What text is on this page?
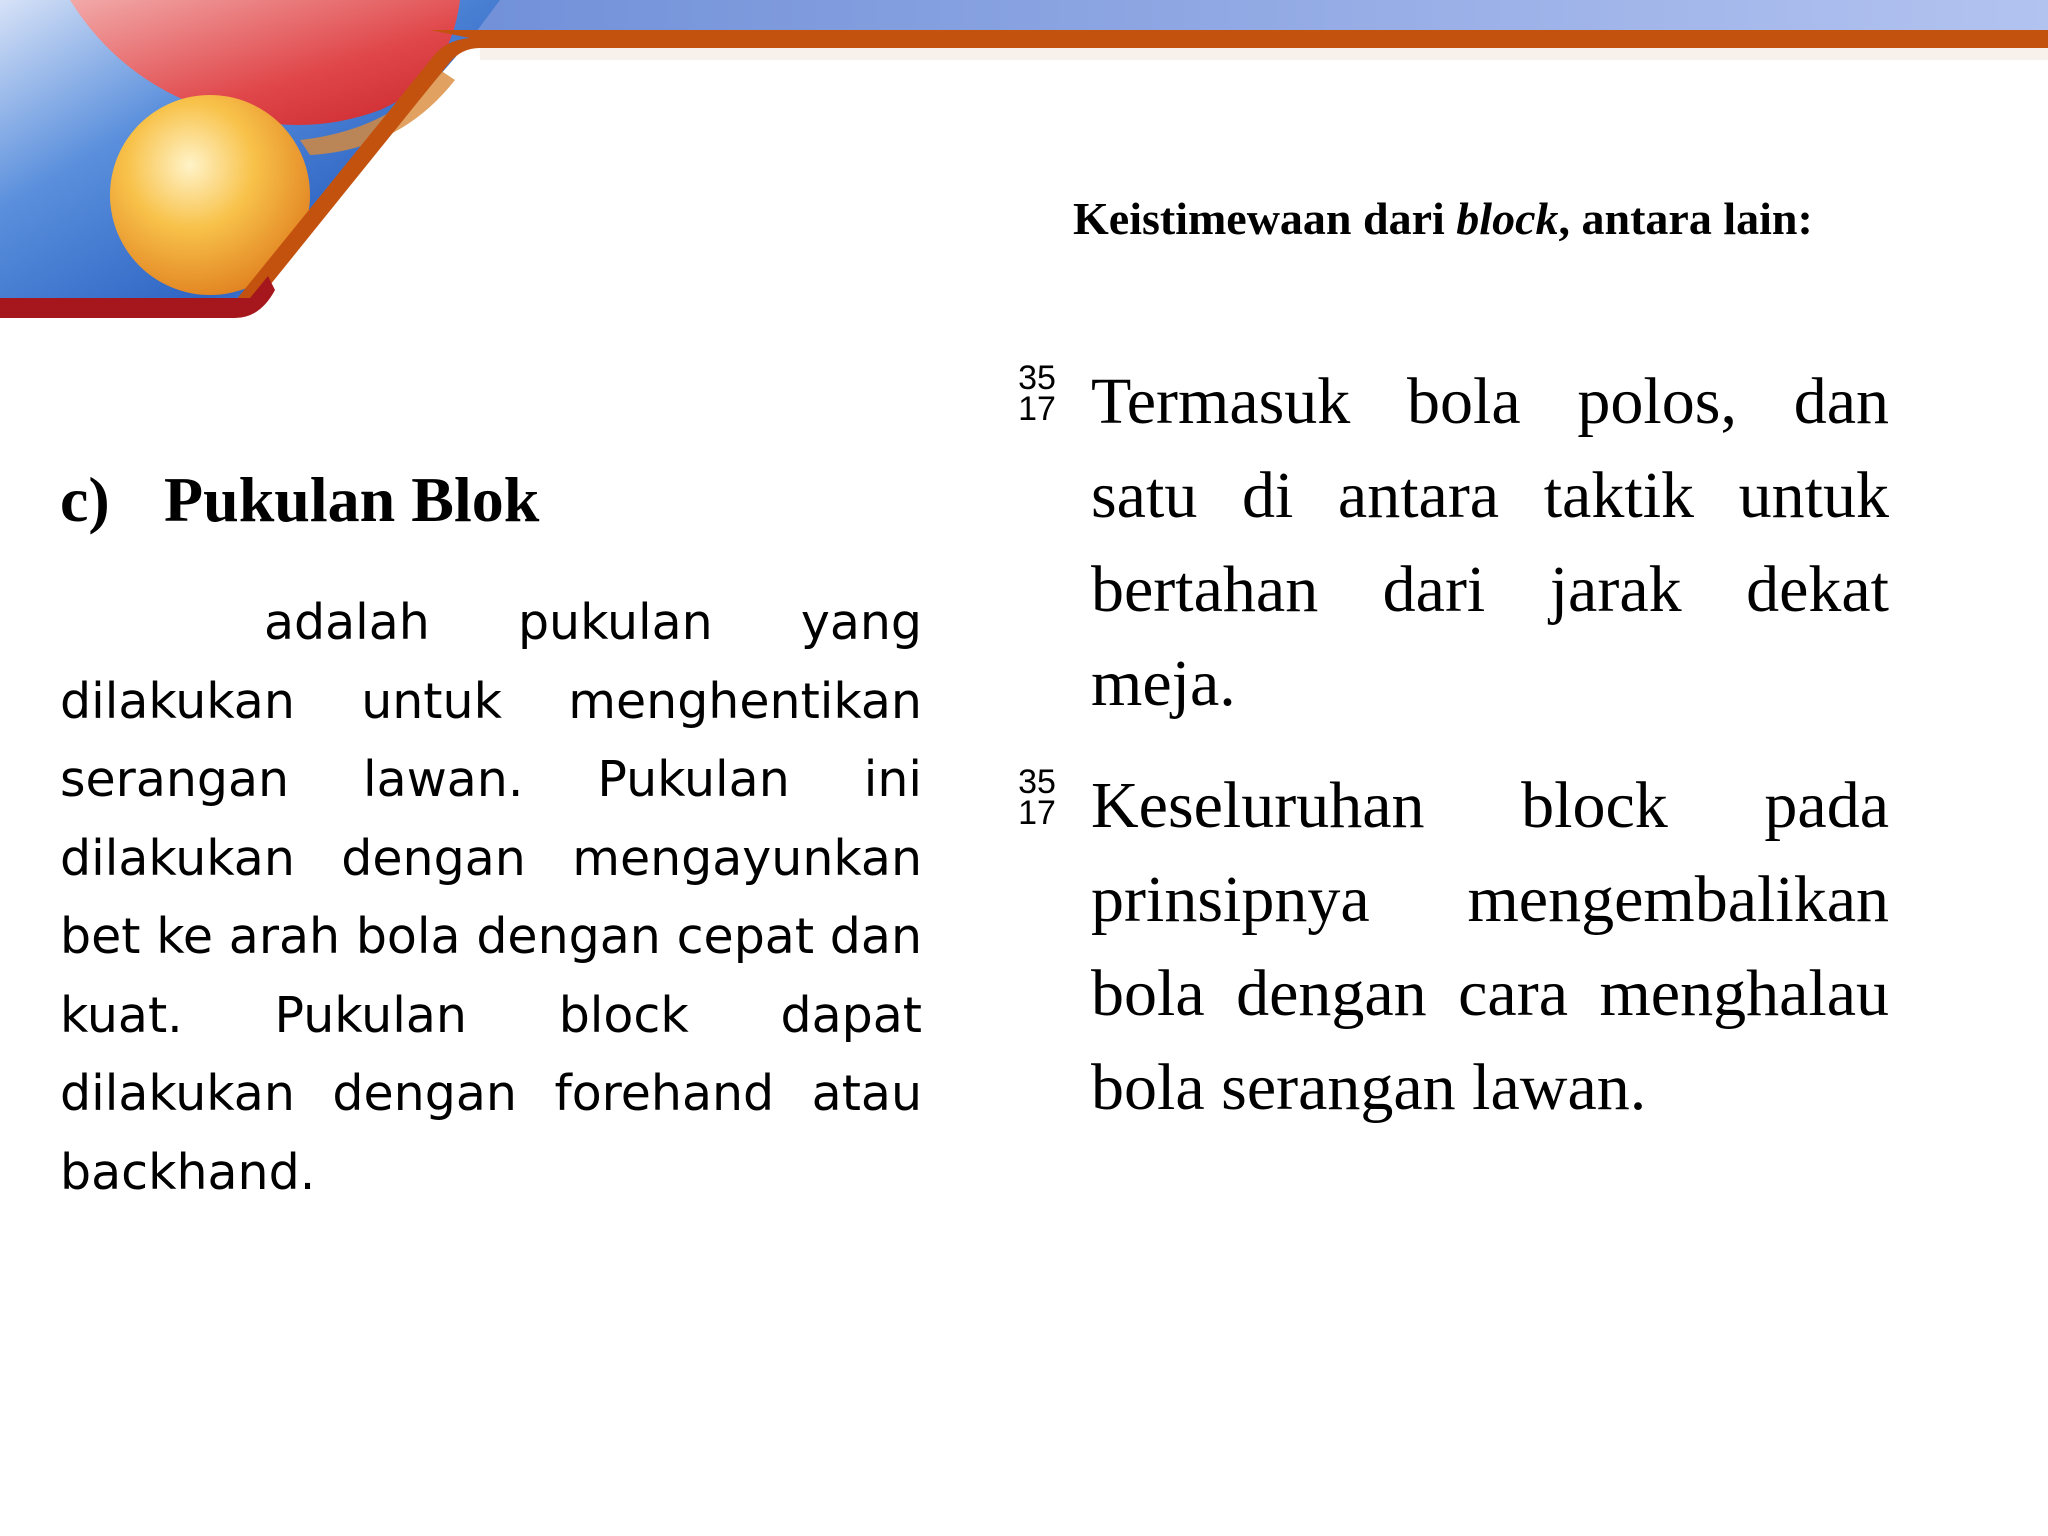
c) Pukulan Blok

adalah pukulan yang dilakukan untuk menghentikan serangan lawan. Pukulan ini dilakukan dengan mengayunkan bet ke arah bola dengan cepat dan kuat. Pukulan block dapat dilakukan dengan forehand atau backhand.

Keistimewaan dari block, antara lain:

35
17 Termasuk bola polos, dan satu di antara taktik untuk bertahan dari jarak dekat meja.

35
17 Keseluruhan block pada prinsipnya mengembalikan bola dengan cara menghalau bola serangan lawan.
